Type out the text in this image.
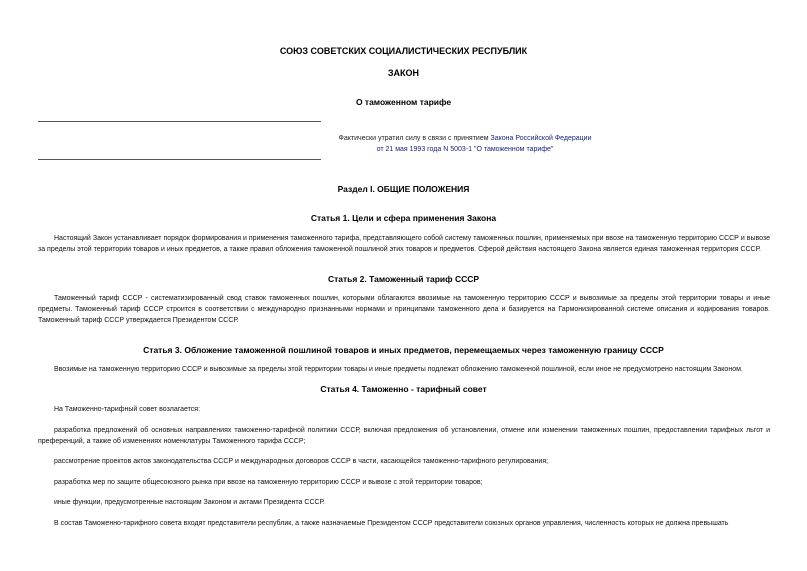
СОЮЗ СОВЕТСКИХ СОЦИАЛИСТИЧЕСКИХ РЕСПУБЛИК
ЗАКОН
О таможенном тарифе
Фактически утратил силу в связи с принятием Закона Российской Федерации
от 21 мая 1993 года N 5003-1 "О таможенном тарифе"
Раздел I. ОБЩИЕ ПОЛОЖЕНИЯ
Статья 1. Цели и сфера применения Закона
Настоящий Закон устанавливает порядок формирования и применения таможенного тарифа, представляющего собой систему таможенных пошлин, применяемых при ввозе на таможенную территорию СССР и вывозе за пределы этой территории товаров и иных предметов, а также правил обложения таможенной пошлиной этих товаров и предметов. Сферой действия настоящего Закона является единая таможенная территория СССР.
Статья 2. Таможенный тариф СССР
Таможенный тариф СССР - систематизированный свод ставок таможенных пошлин, которыми облагаются ввозимые на таможенную территорию СССР и вывозимые за пределы этой территории товары и иные предметы. Таможенный тариф СССР строится в соответствии с международно признанными нормами и принципами таможенного дела и базируется на Гармонизированной системе описания и кодирования товаров. Таможенный тариф СССР утверждается Президентом СССР.
Статья 3. Обложение таможенной пошлиной товаров и иных предметов, перемещаемых через таможенную границу СССР
Ввозимые на таможенную территорию СССР и вывозимые за пределы этой территории товары и иные предметы подлежат обложению таможенной пошлиной, если иное не предусмотрено настоящим Законом.
Статья 4. Таможенно - тарифный совет
На Таможенно-тарифный совет возлагается:
разработка предложений об основных направлениях таможенно-тарифной политики СССР, включая предложения об установлении, отмене или изменении таможенных пошлин, предоставлении тарифных льгот и преференций, а также об изменениях номенклатуры Таможенного тарифа СССР;
рассмотрение проектов актов законодательства СССР и международных договоров СССР в части, касающейся таможенно-тарифного регулирования;
разработка мер по защите общесоюзного рынка при ввозе на таможенную территорию СССР и вывозе с этой территории товаров;
иные функции, предусмотренные настоящим Законом и актами Президента СССР.
В состав Таможенно-тарифного совета входят представители республик, а также назначаемые Президентом СССР представители союзных органов управления, численность которых не должна превышать
